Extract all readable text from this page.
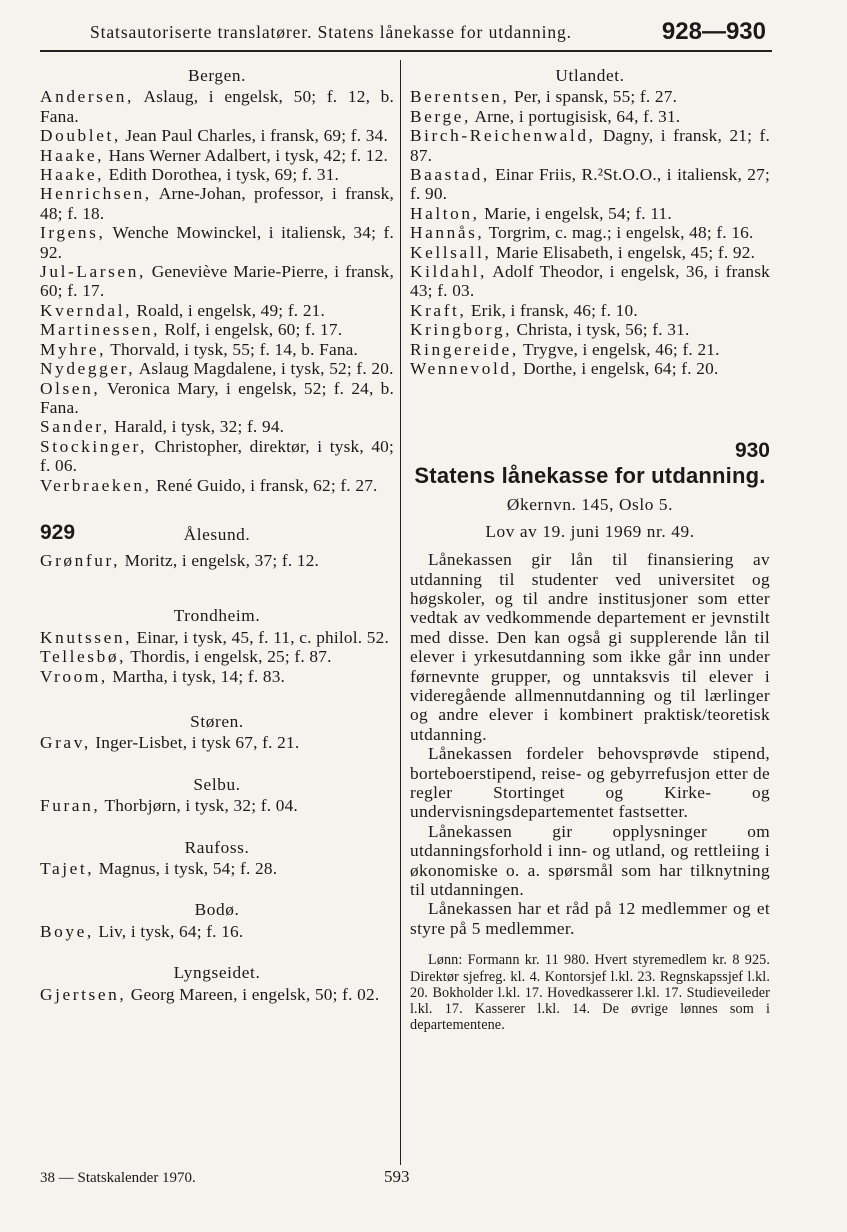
Statsautoriserte translatører. Statens lånekasse for utdanning.	928—930
Bergen.

Andersen, Aslaug, i engelsk, 50; f. 12, b. Fana.

Doublet, Jean Paul Charles, i fransk, 69; f. 34.

Haake, Hans Werner Adalbert, i tysk, 42; f. 12.

Haake, Edith Dorothea, i tysk, 69; f. 31.

Henrichsen, Arne-Johan, professor, i fransk, 48; f. 18.

Irgens, Wenche Mowinckel, i italiensk, 34; f. 92.

Jul-Larsen, Geneviève Marie-Pierre, i fransk, 60; f. 17.

Kverndal, Roald, i engelsk, 49; f. 21.

Martinessen, Rolf, i engelsk, 60; f. 17.

Myhre, Thorvald, i tysk, 55; f. 14, b. Fana.

Nydegger, Aslaug Magdalene, i tysk, 52; f. 20.

Olsen, Veronica Mary, i engelsk, 52; f. 24, b. Fana.

Sander, Harald, i tysk, 32; f. 94.

Stockinger, Christopher, direktør, i tysk, 40; f. 06.

Verbraeken, René Guido, i fransk, 62; f. 27.

929	Ålesund.

Grønfur, Moritz, i engelsk, 37; f. 12.

Trondheim.

Knutssen, Einar, i tysk, 45, f. 11, c. philol. 52.

Tellesbø, Thordis, i engelsk, 25; f. 87.

Vroom, Martha, i tysk, 14; f. 83.

Støren.

Grav, Inger-Lisbet, i tysk 67, f. 21.

Selbu.

Furan, Thorbjørn, i tysk, 32; f. 04.

Raufoss.

Tajet, Magnus, i tysk, 54; f. 28.

Bodø.

Boye, Liv, i tysk, 64; f. 16.

Lyngseidet.

Gjertsen, Georg Mareen, i engelsk, 50; f. 02.

Utlandet.

Berentsen, Per, i spansk, 55; f. 27.

Berge, Arne, i portugisisk, 64, f. 31.

Birch-Reichenwald, Dagny, i fransk, 21; f. 87.

Baastad, Einar Friis, R.²St.O.O., i italiensk, 27; f. 90.

Halton, Marie, i engelsk, 54; f. 11.

Hannås, Torgrim, c. mag.; i engelsk, 48; f. 16.

Kellsall, Marie Elisabeth, i engelsk, 45; f. 92.

Kildahl, Adolf Theodor, i engelsk, 36, i fransk 43; f. 03.

Kraft, Erik, i fransk, 46; f. 10.

Kringborg, Christa, i tysk, 56; f. 31.

Ringereide, Trygve, i engelsk, 46; f. 21.

Wennevold, Dorthe, i engelsk, 64; f. 20.

930
Statens lånekasse for utdanning.
Økernvn. 145, Oslo 5.
Lov av 19. juni 1969 nr. 49.

Lånekassen gir lån til finansiering av utdanning til studenter ved universitet og høgskoler, og til andre institusjoner som etter vedtak av vedkommende departement er jevnstilt med disse. Den kan også gi supplerende lån til elever i yrkesutdanning som ikke går inn under førnevnte grupper, og unntaksvis til elever i videregående allmennutdanning og til lærlinger og andre elever i kombinert praktisk/teoretisk utdanning.

Lånekassen fordeler behovsprøvde stipend, borteboerstipend, reise- og gebyrrefusjon etter de regler Stortinget og Kirke- og undervisningsdepartementet fastsetter.

Lånekassen gir opplysninger om utdanningsforhold i inn- og utland, og rettleiing i økonomiske o. a. spørsmål som har tilknytning til utdanningen.

Lånekassen har et råd på 12 medlemmer og et styre på 5 medlemmer.

Lønn: Formann kr. 11 980. Hvert styremedlem kr. 8 925. Direktør sjefreg. kl. 4. Kontorsjef l.kl. 23. Regnskapssjef l.kl. 20. Bokholder l.kl. 17. Hovedkasserer l.kl. 17. Studieveileder l.kl. 17. Kasserer l.kl. 14. De øvrige lønnes som i departementene.

38 — Statskalender 1970.	593
